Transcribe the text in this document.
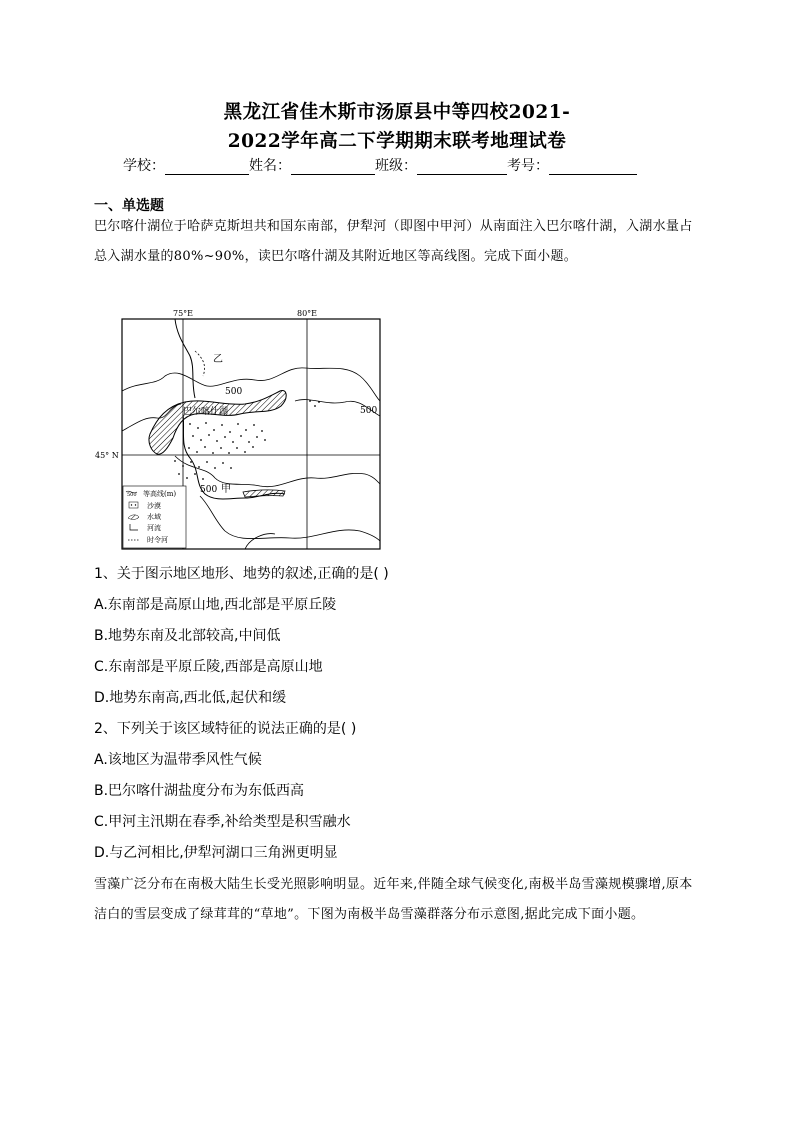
黑龙江省佳木斯市汤原县中等四校2021-
2022学年高二下学期期末联考地理试卷
学校：	姓名：	班级：	考号：
一、单选题
巴尔喀什湖位于哈萨克斯坦共和国东南部，伊犁河（即图中甲河）从南面注入巴尔喀什湖，入湖水量占总入湖水量的80%~90%，读巴尔喀什湖及其附近地区等高线图。完成下面小题。
75°E	80°E
45° N
巴尔喀什湖
乙
500
500
500 甲
500 等高线(m)
沙漠
水域
河流
时令河
1、关于图示地区地形、地势的叙述,正确的是( )
A.东南部是高原山地,西北部是平原丘陵
B.地势东南及北部较高,中间低
C.东南部是平原丘陵,西部是高原山地
D.地势东南高,西北低,起伏和缓
2、下列关于该区域特征的说法正确的是( )
A.该地区为温带季风性气候
B.巴尔喀什湖盐度分布为东低西高
C.甲河主汛期在春季,补给类型是积雪融水
D.与乙河相比,伊犁河湖口三角洲更明显
雪藻广泛分布在南极大陆生长受光照影响明显。近年来,伴随全球气候变化,南极半岛雪藻规模骤增,原本洁白的雪层变成了绿茸茸的“草地”。下图为南极半岛雪藻群落分布示意图,据此完成下面小题。
